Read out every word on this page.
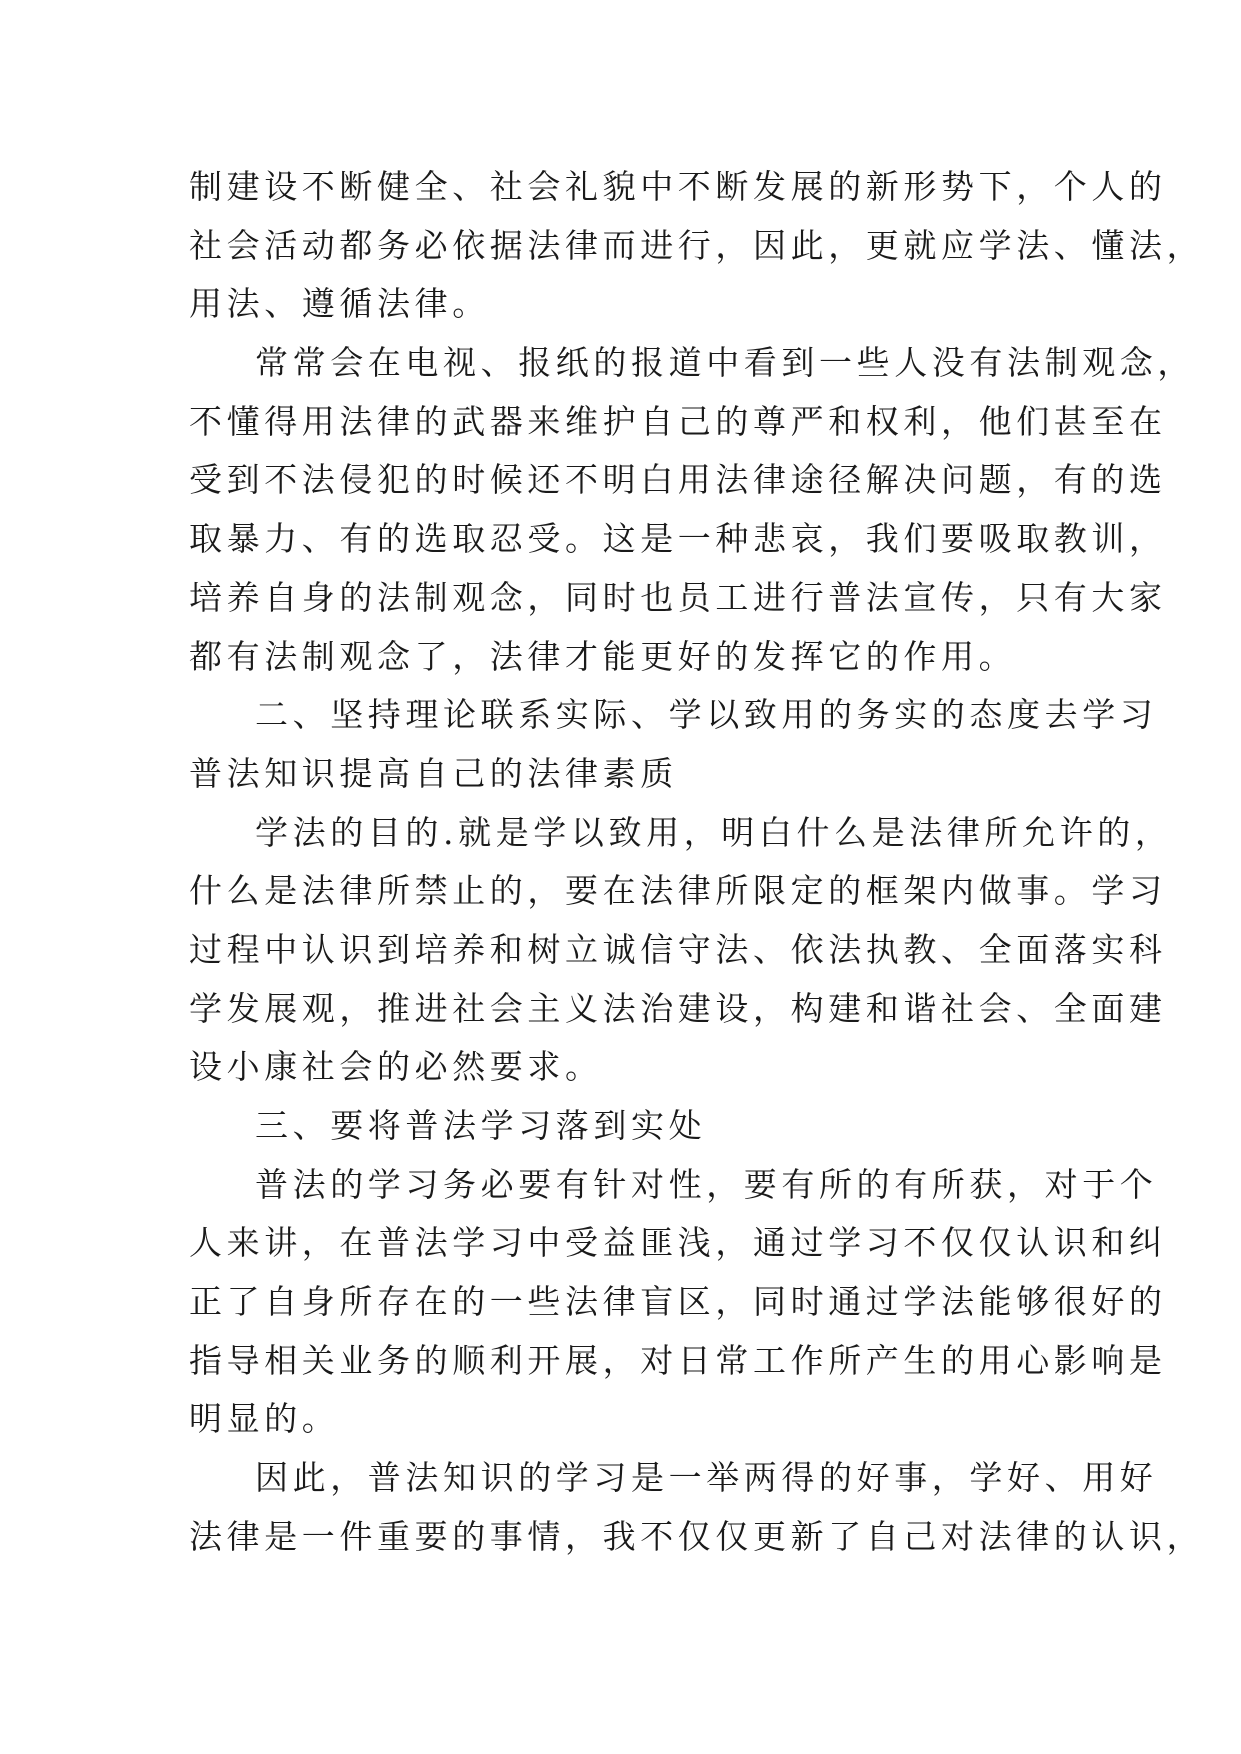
制建设不断健全、社会礼貌中不断发展的新形势下，个人的
社会活动都务必依据法律而进行，因此，更就应学法、懂法，
用法、遵循法律。
常常会在电视、报纸的报道中看到一些人没有法制观念，
不懂得用法律的武器来维护自己的尊严和权利，他们甚至在
受到不法侵犯的时候还不明白用法律途径解决问题，有的选
取暴力、有的选取忍受。这是一种悲哀，我们要吸取教训，
培养自身的法制观念，同时也员工进行普法宣传，只有大家
都有法制观念了，法律才能更好的发挥它的作用。
二、坚持理论联系实际、学以致用的务实的态度去学习
普法知识提高自己的法律素质
学法的目的.就是学以致用，明白什么是法律所允许的，
什么是法律所禁止的，要在法律所限定的框架内做事。学习
过程中认识到培养和树立诚信守法、依法执教、全面落实科
学发展观，推进社会主义法治建设，构建和谐社会、全面建
设小康社会的必然要求。
三、要将普法学习落到实处
普法的学习务必要有针对性，要有所的有所获，对于个
人来讲，在普法学习中受益匪浅，通过学习不仅仅认识和纠
正了自身所存在的一些法律盲区，同时通过学法能够很好的
指导相关业务的顺利开展，对日常工作所产生的用心影响是
明显的。
因此，普法知识的学习是一举两得的好事，学好、用好
法律是一件重要的事情，我不仅仅更新了自己对法律的认识，
